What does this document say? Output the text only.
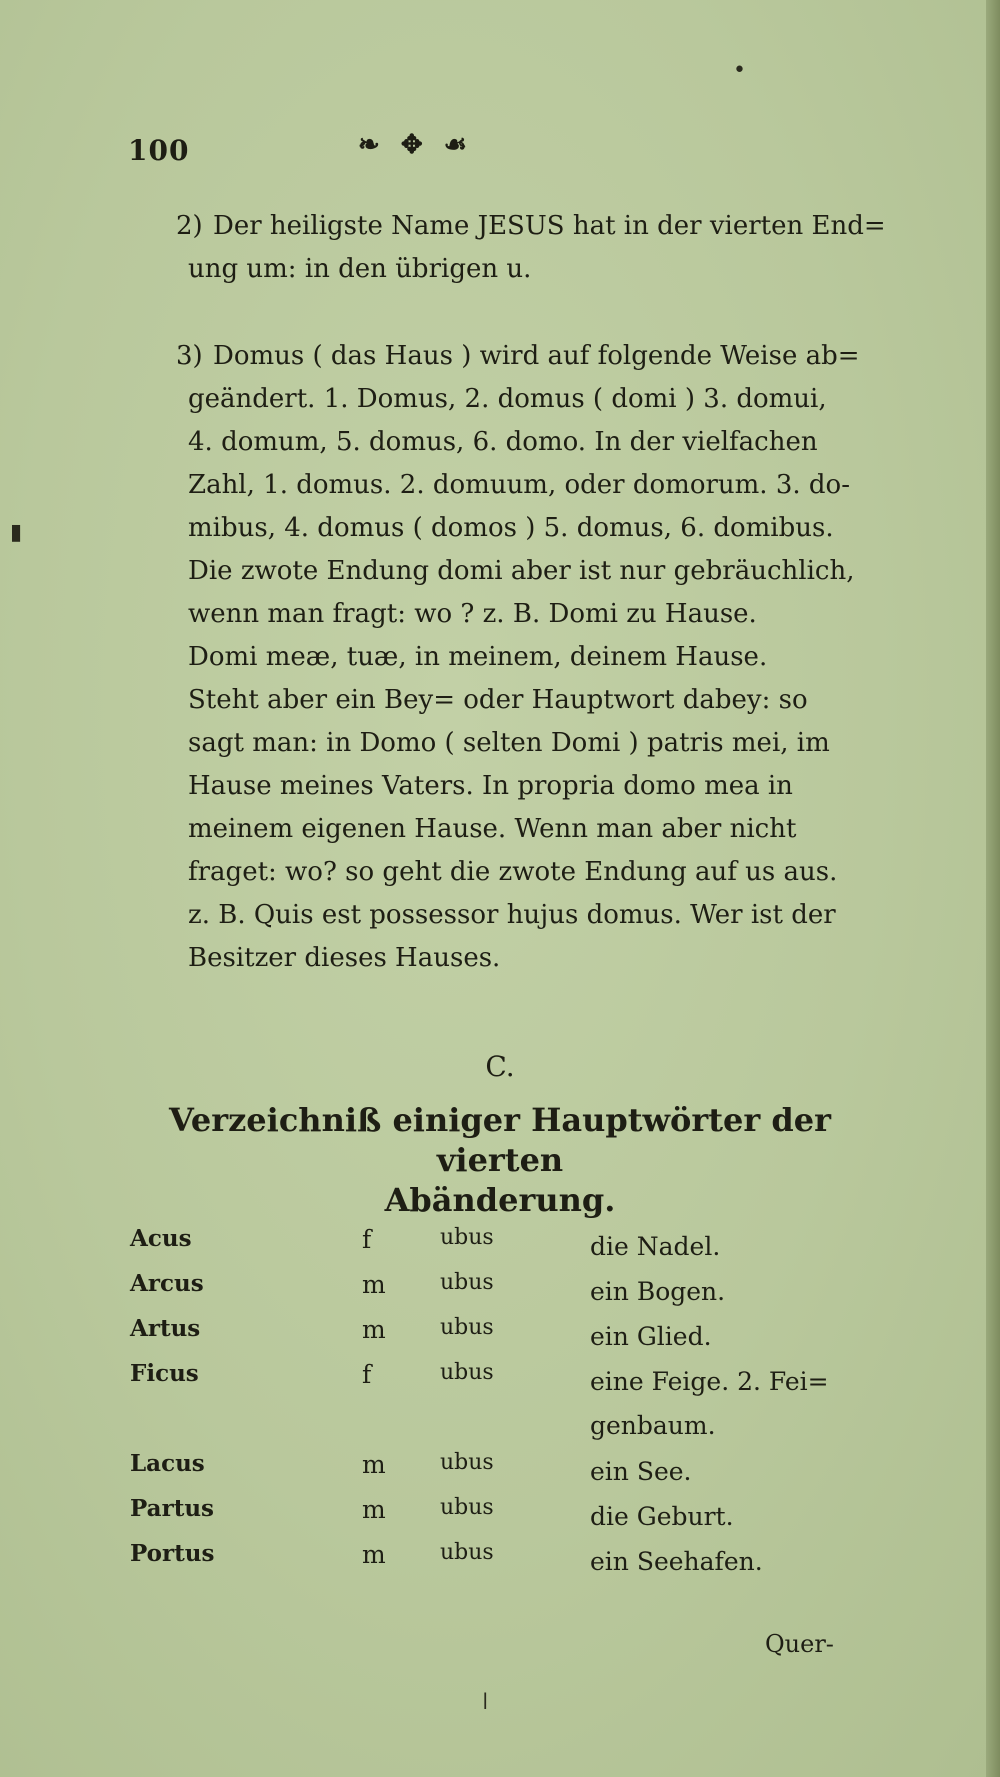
•
▮
ǀ
100	❧ ✥ ☙
2) Der heiligste Name JESUS hat in der vierten End=

ung um: in den übrigen u.

3) Domus ( das Haus ) wird auf folgende Weise ab=

geändert. 1. Domus, 2. domus ( domi ) 3. domui,

4. domum, 5. domus, 6. domo. In der vielfachen

Zahl, 1. domus. 2. domuum, oder domorum. 3. do-

mibus, 4. domus ( domos ) 5. domus, 6. domibus.

Die zwote Endung domi aber ist nur gebräuchlich,

wenn man fragt: wo ? z. B. Domi zu Hause.

Domi meæ, tuæ, in meinem, deinem Hause.

Steht aber ein Bey= oder Hauptwort dabey: so

sagt man: in Domo ( selten Domi ) patris mei, im

Hause meines Vaters. In propria domo mea in

meinem eigenen Hause. Wenn man aber nicht

fraget: wo? so geht die zwote Endung auf us aus.

z. B. Quis est possessor hujus domus. Wer ist der

Besitzer dieses Hauses.

C.
Verzeichniß einiger Hauptwörter der vierten
Abänderung.
Acus	f	ubus	die Nadel.
Arcus	m ubus	ein Bogen.
Artus	m ubus	ein Glied.
Ficus	f	ubus	eine Feige. 2. Fei= genbaum.
Lacus	m ubus	ein See.
Partus	m ubus	die Geburt.
Portus	m ubus	ein Seehafen.
Quer-
